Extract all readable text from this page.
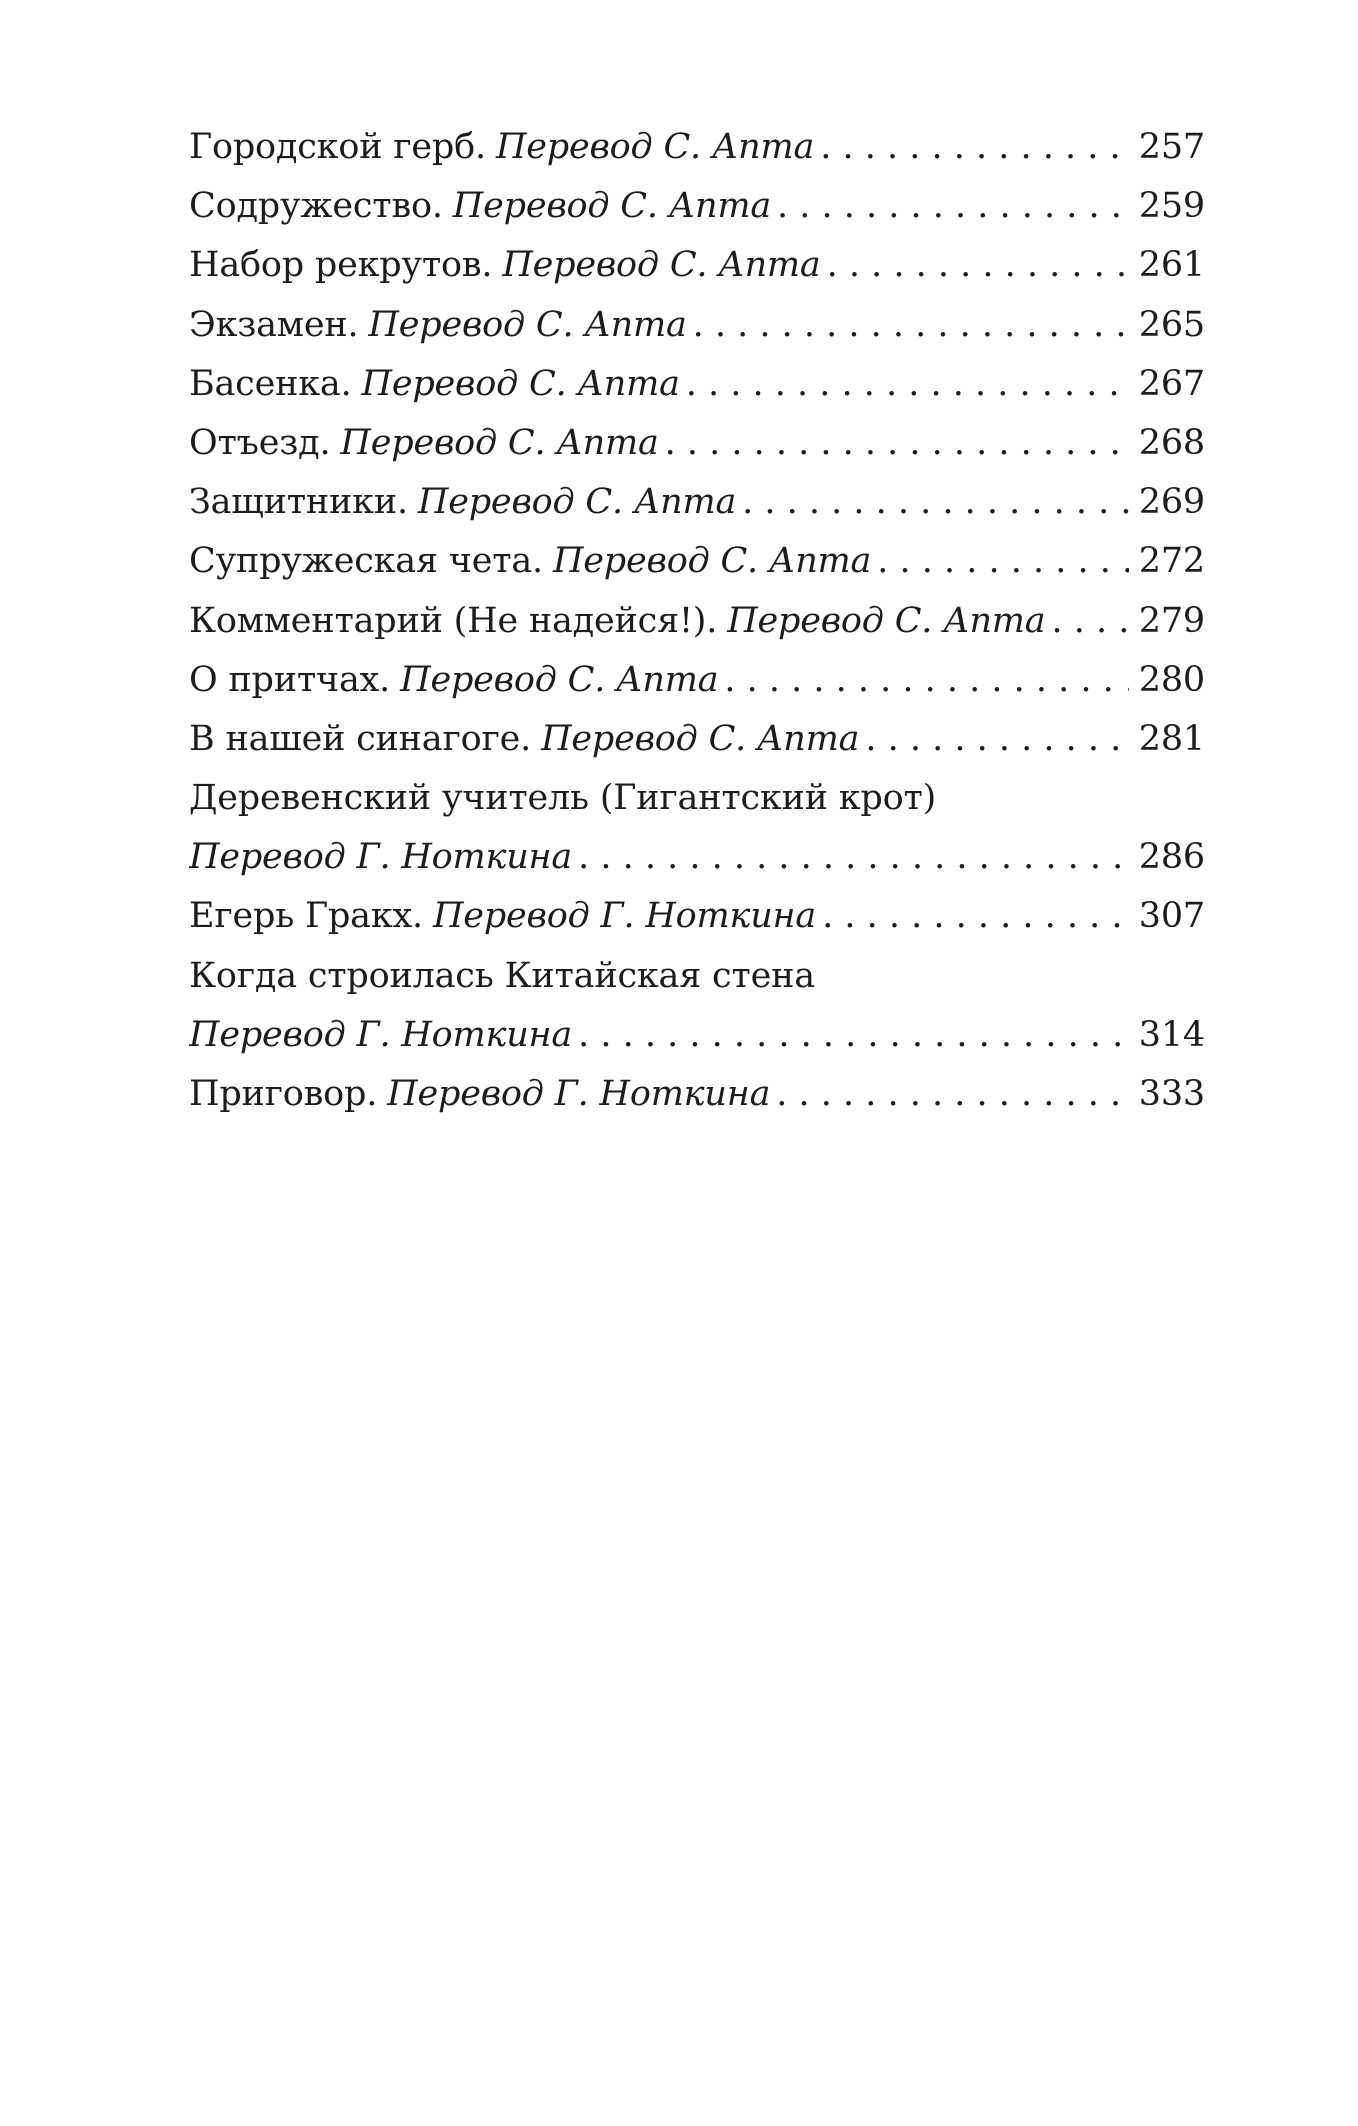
Городской герб. Перевод С. Апта . . .	257
Содружество. Перевод С. Апта . . .	259
Набор рекрутов. Перевод С. Апта . . .	261
Экзамен. Перевод С. Апта . . .	265
Басенка. Перевод С. Апта . . .	267
Отъезд. Перевод С. Апта . . .	268
Защитники. Перевод С. Апта . . .	269
Супружеская чета. Перевод С. Апта . . .	272
Комментарий (Не надейся!). Перевод С. Апта . . .	279
О притчах. Перевод С. Апта . . .	280
В нашей синагоге. Перевод С. Апта . . .	281
Деревенский учитель (Гигантский крот)
Перевод Г. Ноткина . . .	286
Егерь Гракх. Перевод Г. Ноткина . . .	307
Когда строилась Китайская стена
Перевод Г. Ноткина . . .	314
Приговор. Перевод Г. Ноткина . . .	333
